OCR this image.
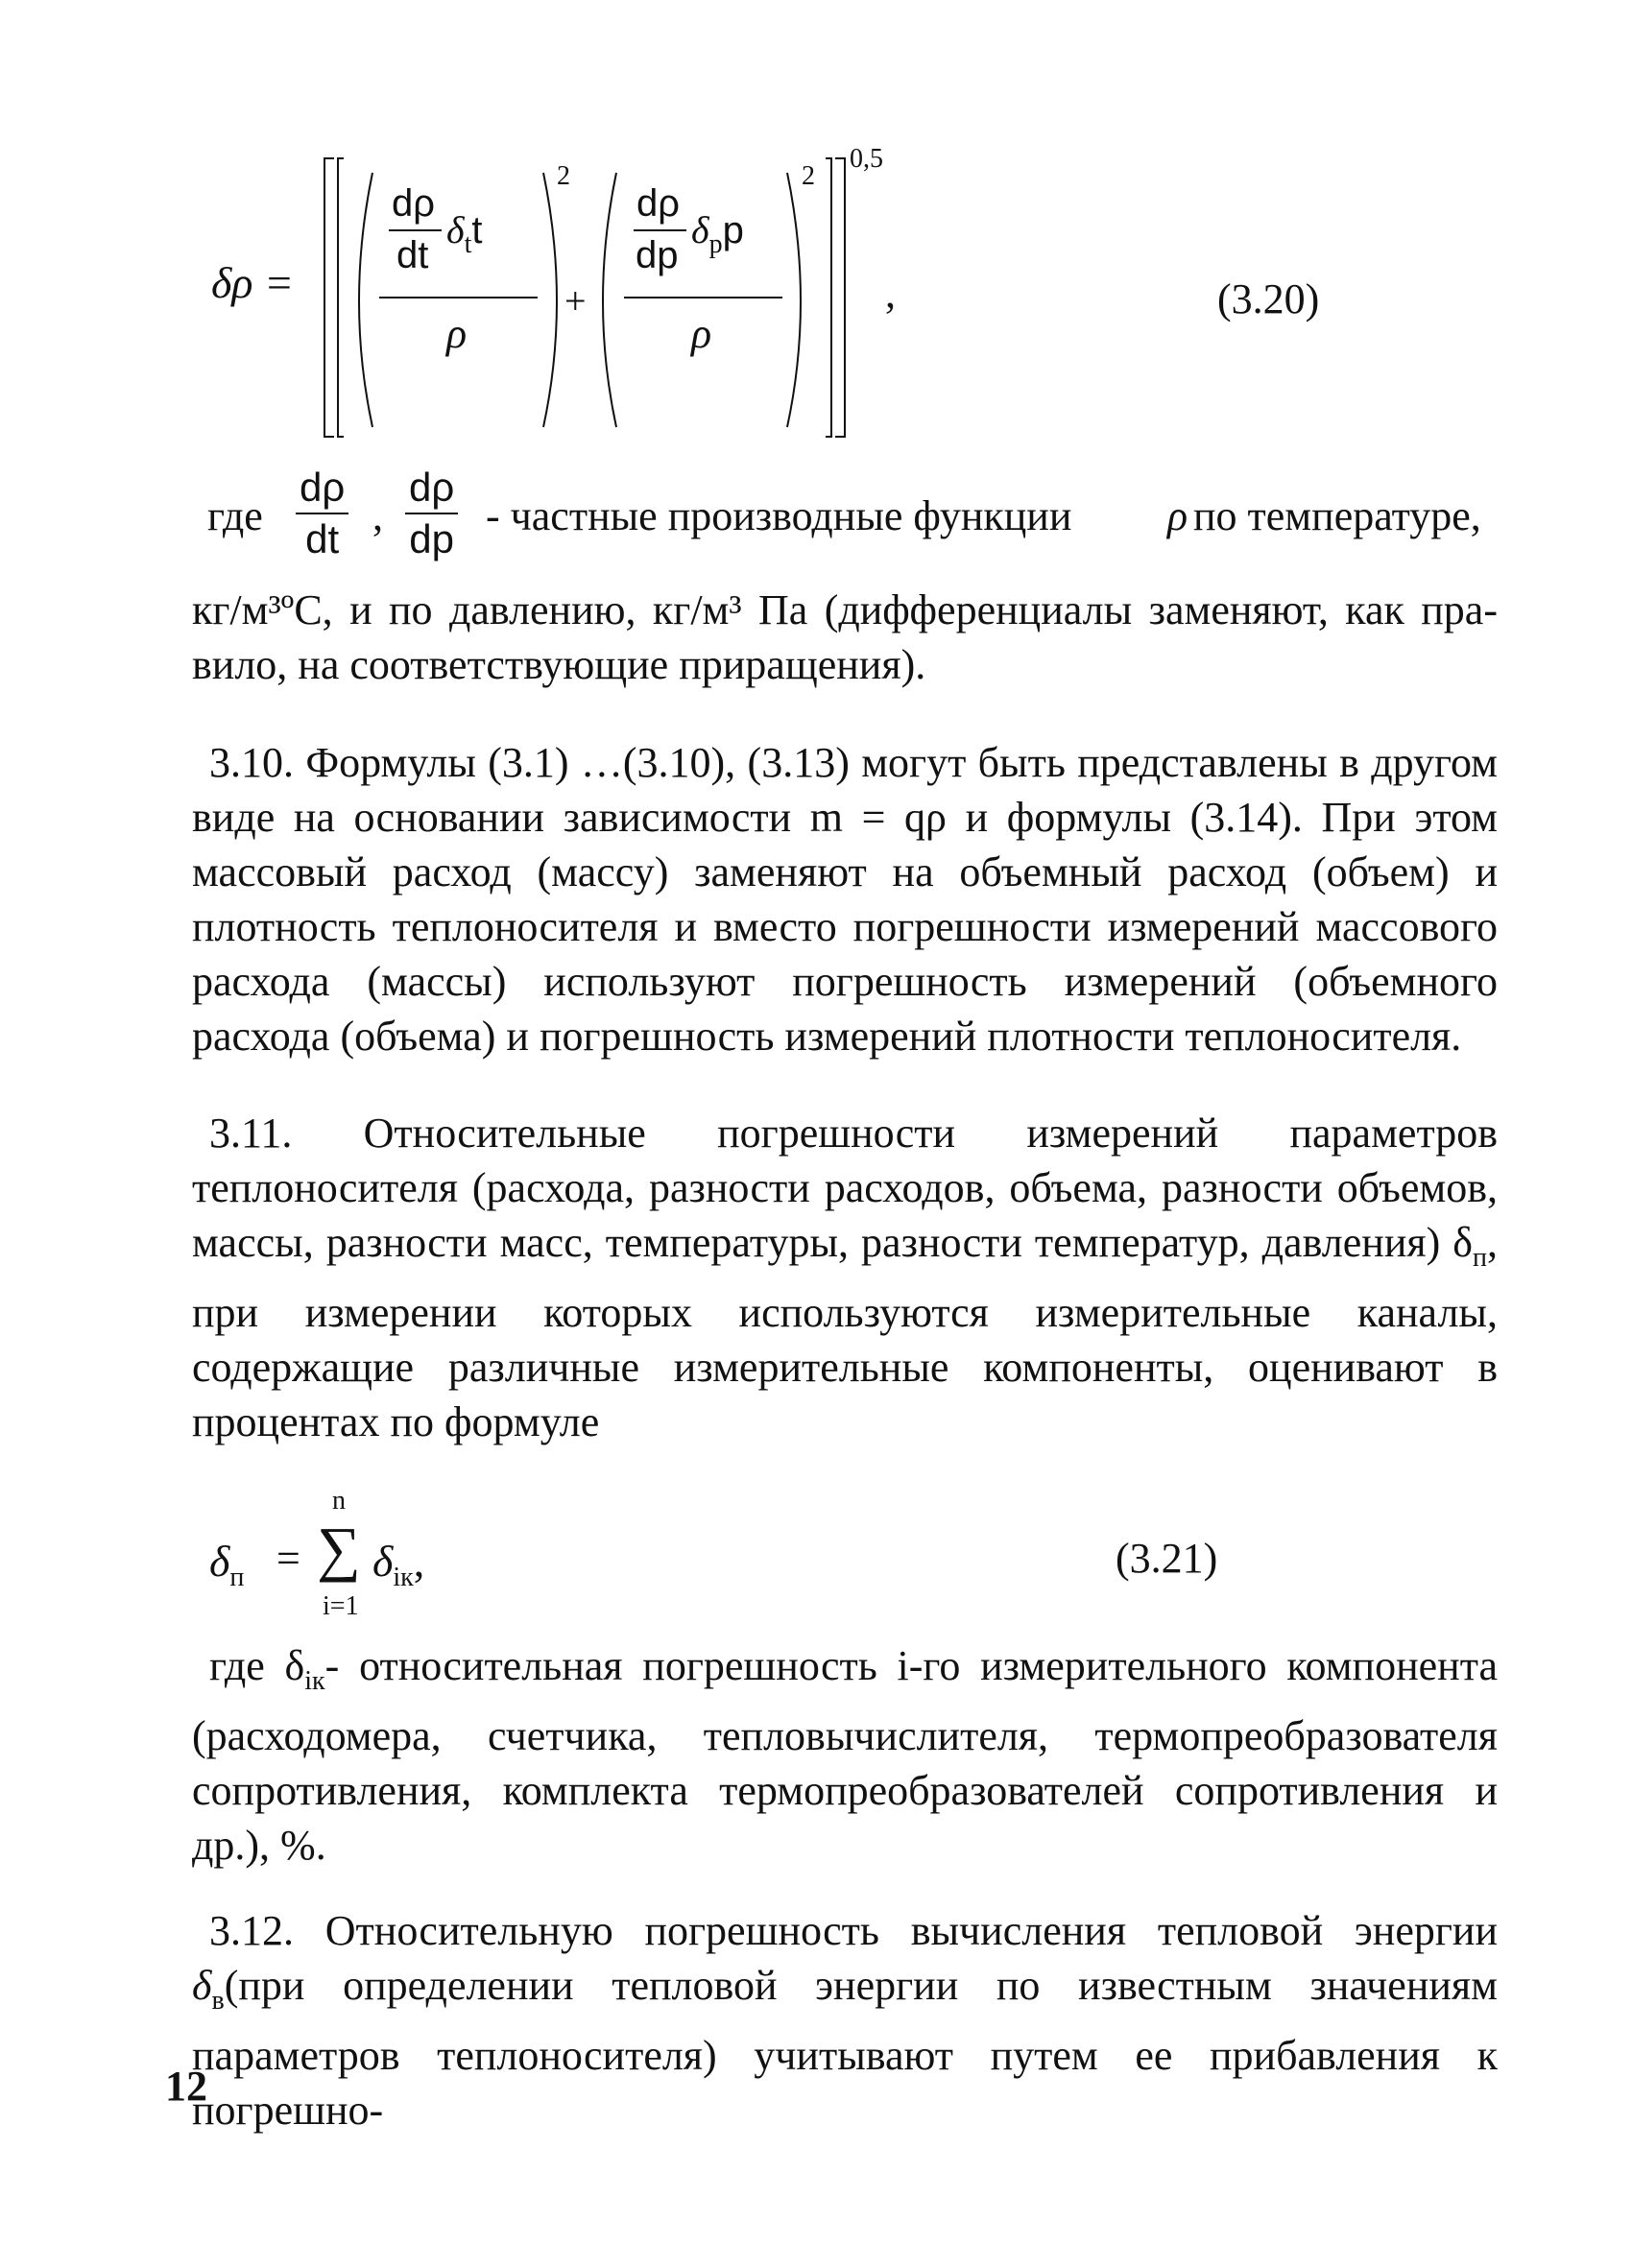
δρ =
dρ
dt
$\delta_tt$
ρ
2
+
dρ
dp
$\delta_pp$
ρ
2
0,5
,	(3.20)
где $\frac{d\rho}{dt}$ , $\frac{d\rho}{dp}$ - частные производные функции ρ по температуре,
кг/м³ºС, и по давлению, кг/м³ Па (дифференциалы заменяют, как пра-
вило, на соответствующие приращения).
3.10. Формулы (3.1) …(3.10), (3.13) могут быть представлены в другом виде на основании зависимости m = qρ и формулы (3.14). При этом массовый расход (массу) заменяют на объемный расход (объем) и плотность теплоносителя и вместо погрешности измерений массового расхода (массы) используют погрешность измерений (объемного расхода (объема) и погрешность измерений плотности теплоносителя.
3.11. Относительные погрешности измерений параметров теплоносителя (расхода, разности расходов, объема, разности объемов, массы, разности масс, температуры, разности температур, давления) $\delta_п$, при измерении которых используются измерительные каналы, содержащие различные измерительные компоненты, оценивают в процентах по формуле
$\delta_п$ =
n
∑
i=1
$\delta_{iк}$,	(3.21)
где $\delta_{iк}-$ относительная погрешность i-го измерительного компонента (расходомера, счетчика, тепловычислителя, термопреобразователя сопротивления, комплекта термопреобразователей сопротивления и др.), %.
3.12. Относительную погрешность вычисления тепловой энергии $\delta_в(при$ определении тепловой энергии по известным значениям параметров теплоносителя) учитывают путем ее прибавления к погрешно-
12
